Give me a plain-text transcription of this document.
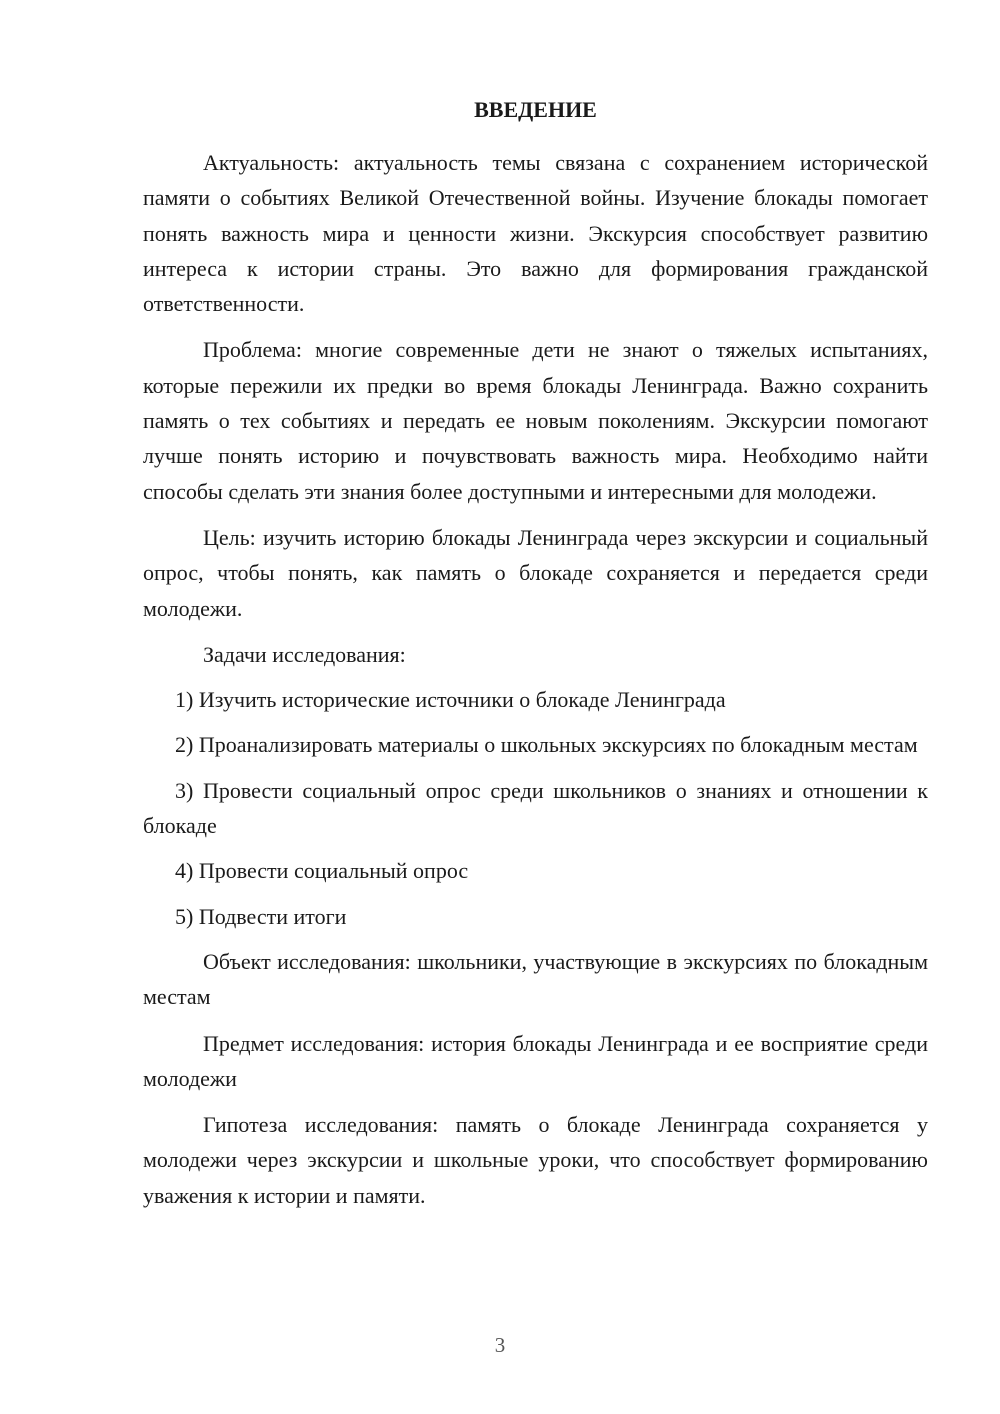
ВВЕДЕНИЕ

Актуальность: актуальность темы связана с сохранением исторической памяти о событиях Великой Отечественной войны. Изучение блокады помогает понять важность мира и ценности жизни. Экскурсия способствует развитию интереса к истории страны. Это важно для формирования гражданской ответственности.

Проблема: многие современные дети не знают о тяжелых испытаниях, которые пережили их предки во время блокады Ленинграда. Важно сохранить память о тех событиях и передать ее новым поколениям. Экскурсии помогают лучше понять историю и почувствовать важность мира. Необходимо найти способы сделать эти знания более доступными и интересными для молодежи.

Цель: изучить историю блокады Ленинграда через экскурсии и социальный опрос, чтобы понять, как память о блокаде сохраняется и передается среди молодежи.

Задачи исследования:

1) Изучить исторические источники о блокаде Ленинграда

2) Проанализировать материалы о школьных экскурсиях по блокадным местам

3) Провести социальный опрос среди школьников о знаниях и отношении к блокаде

4) Провести социальный опрос

5) Подвести итоги

Объект исследования: школьники, участвующие в экскурсиях по блокадным местам

Предмет исследования: история блокады Ленинграда и ее восприятие среди молодежи

Гипотеза исследования: память о блокаде Ленинграда сохраняется у молодежи через экскурсии и школьные уроки, что способствует формированию уважения к истории и памяти.

3
